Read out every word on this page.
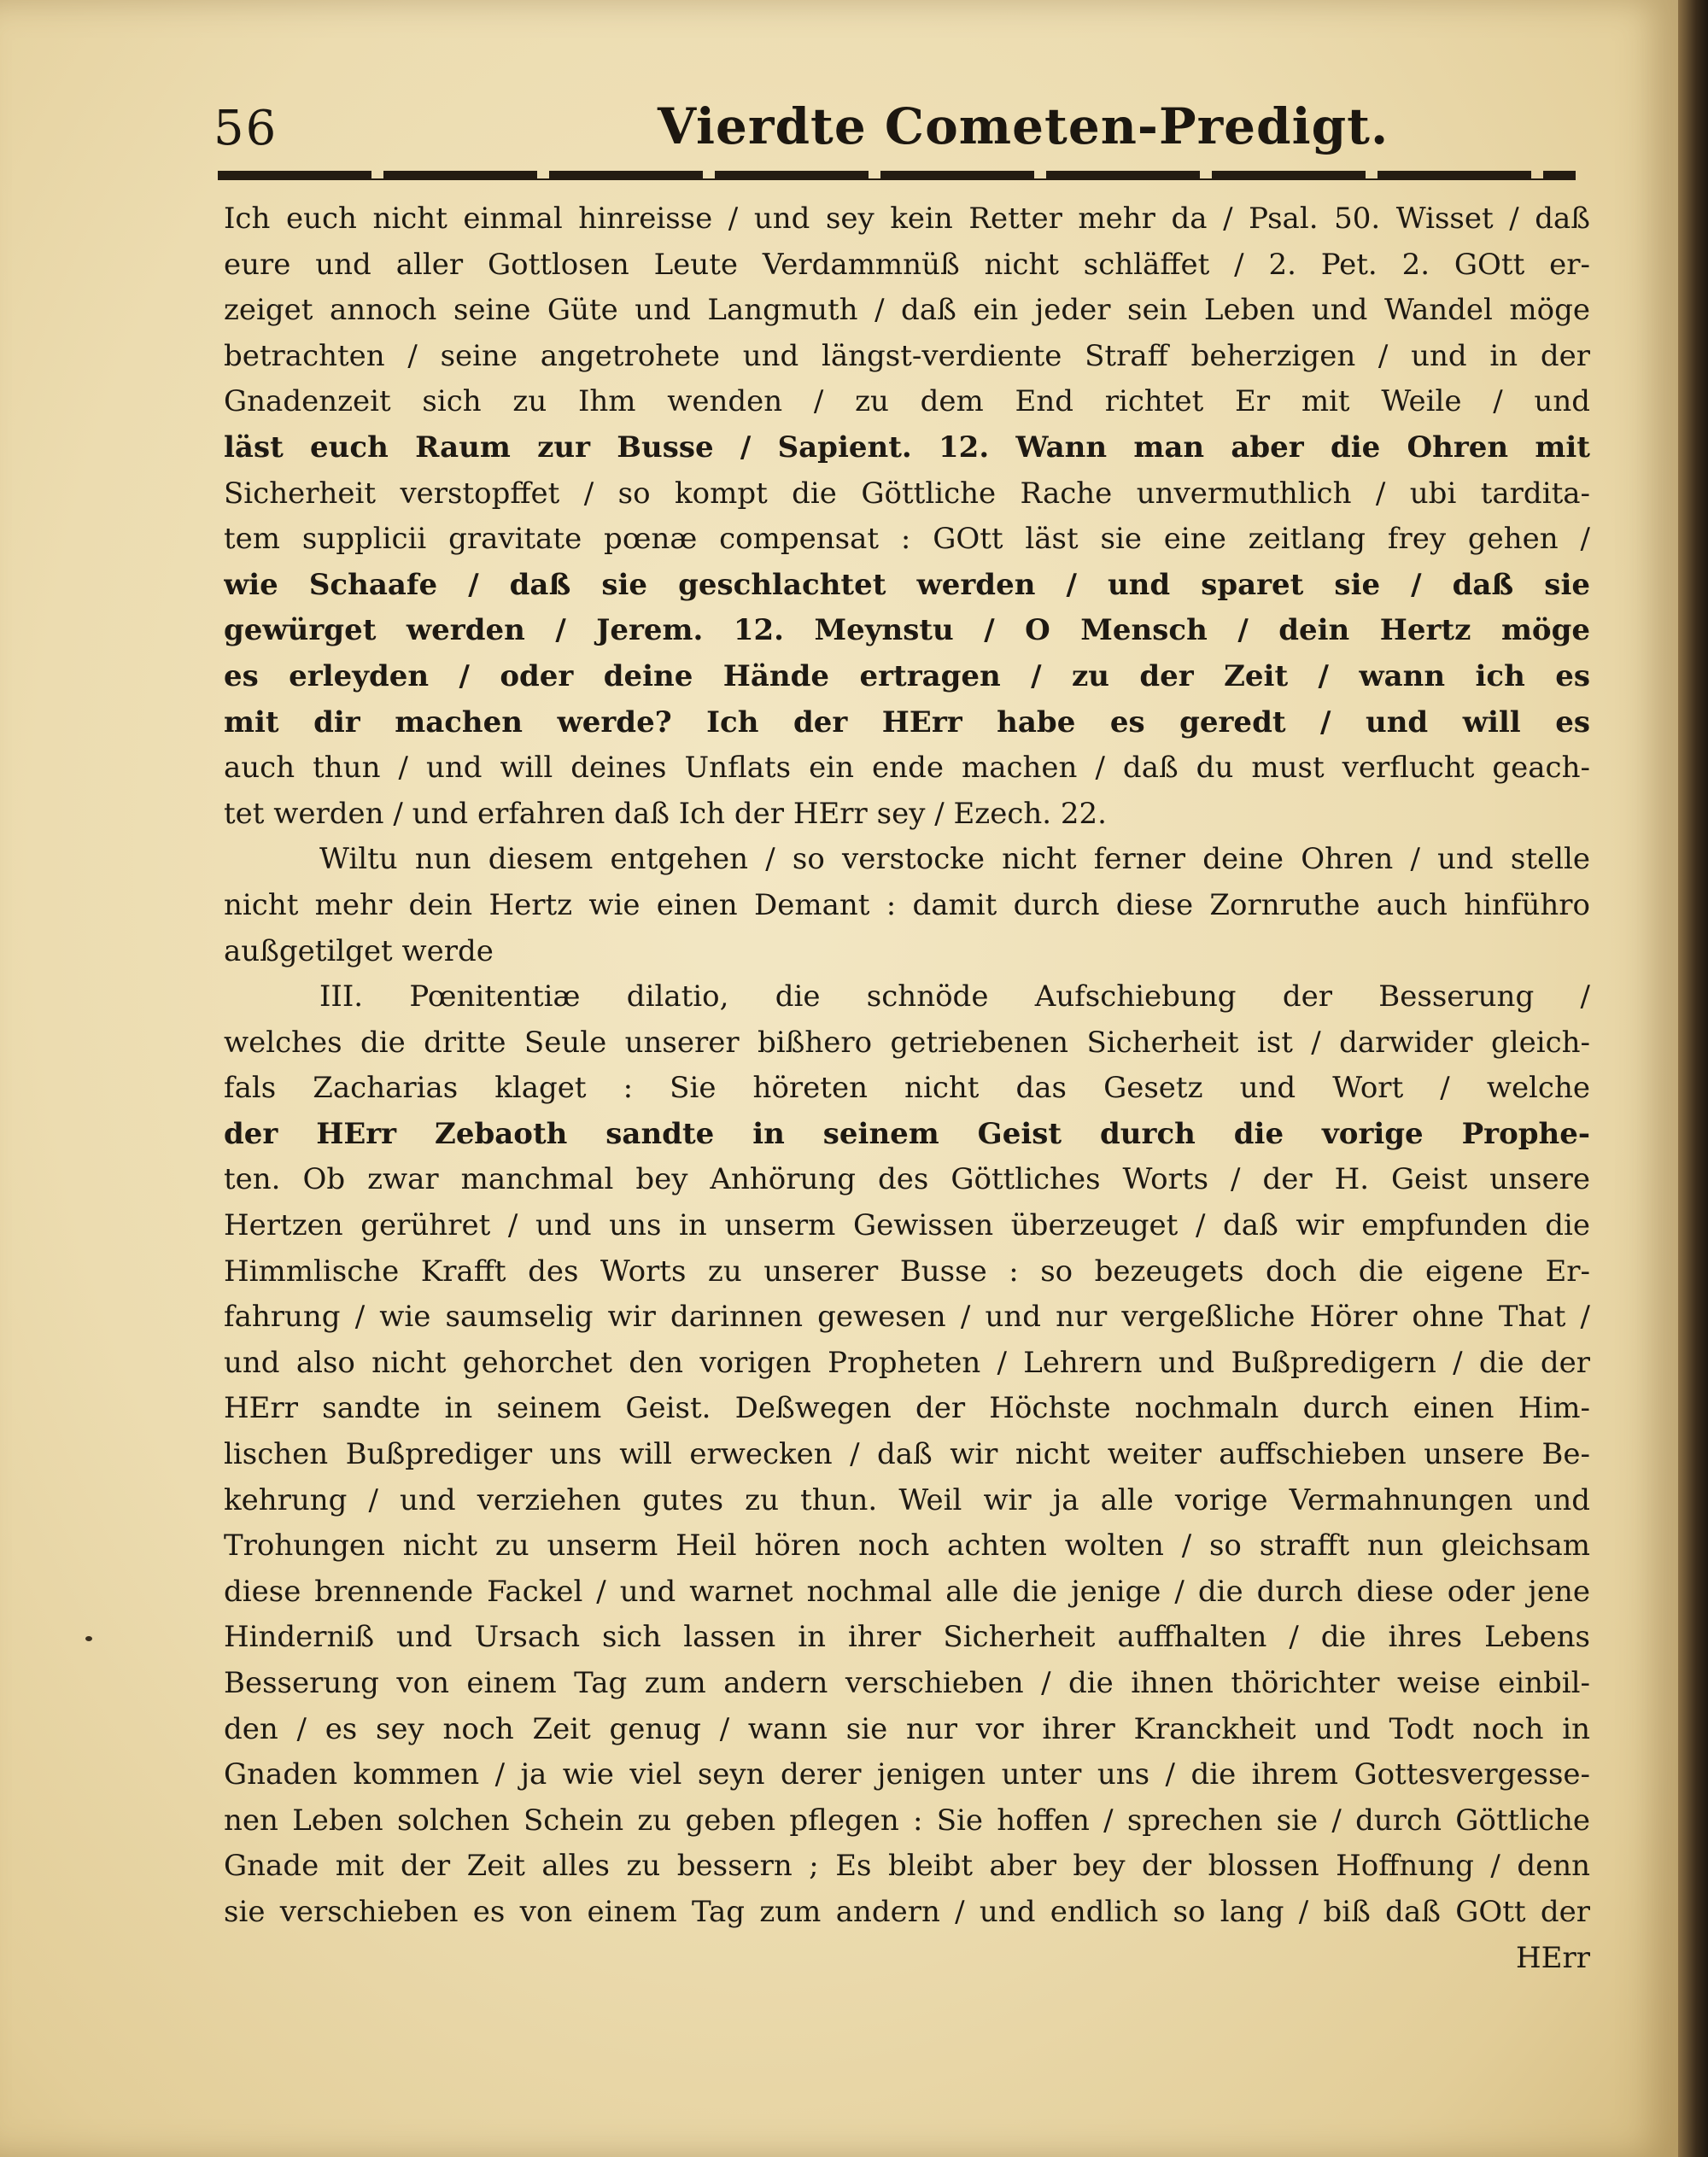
56	Vierdte Cometen-Predigt.
Ich euch nicht einmal hinreisse / und sey kein Retter mehr da / Psal. 50. Wisset / daß
eure und aller Gottlosen Leute Verdammnüß nicht schläffet / 2. Pet. 2. GOtt er-
zeiget annoch seine Güte und Langmuth / daß ein jeder sein Leben und Wandel möge
betrachten / seine angetrohete und längst-verdiente Straff beherzigen / und in der
Gnadenzeit sich zu Ihm wenden / zu dem End richtet Er mit Weile / und
läst euch Raum zur Busse / Sapient. 12. Wann man aber die Ohren mit
Sicherheit verstopffet / so kompt die Göttliche Rache unvermuthlich / ubi tardita-
tem supplicii gravitate pœnæ compensat : GOtt läst sie eine zeitlang frey gehen /
wie Schaafe / daß sie geschlachtet werden / und sparet sie / daß sie
gewürget werden / Jerem. 12. Meynstu / O Mensch / dein Hertz möge
es erleyden / oder deine Hände ertragen / zu der Zeit / wann ich es
mit dir machen werde? Ich der HErr habe es geredt / und will es
auch thun / und will deines Unflats ein ende machen / daß du must verflucht geach-
tet werden / und erfahren daß Ich der HErr sey / Ezech. 22.
Wiltu nun diesem entgehen / so verstocke nicht ferner deine Ohren / und stelle
nicht mehr dein Hertz wie einen Demant : damit durch diese Zornruthe auch hinführo
außgetilget werde
III. Pœnitentiæ dilatio, die schnöde Aufschiebung der Besserung /
welches die dritte Seule unserer bißhero getriebenen Sicherheit ist / darwider gleich-
fals Zacharias klaget : Sie höreten nicht das Gesetz und Wort / welche
der HErr Zebaoth sandte in seinem Geist durch die vorige Prophe-
ten. Ob zwar manchmal bey Anhörung des Göttliches Worts / der H. Geist unsere
Hertzen gerühret / und uns in unserm Gewissen überzeuget / daß wir empfunden die
Himmlische Krafft des Worts zu unserer Busse : so bezeugets doch die eigene Er-
fahrung / wie saumselig wir darinnen gewesen / und nur vergeßliche Hörer ohne That /
und also nicht gehorchet den vorigen Propheten / Lehrern und Bußpredigern / die der
HErr sandte in seinem Geist. Deßwegen der Höchste nochmaln durch einen Him-
lischen Bußprediger uns will erwecken / daß wir nicht weiter auffschieben unsere Be-
kehrung / und verziehen gutes zu thun. Weil wir ja alle vorige Vermahnungen und
Trohungen nicht zu unserm Heil hören noch achten wolten / so strafft nun gleichsam
diese brennende Fackel / und warnet nochmal alle die jenige / die durch diese oder jene
Hinderniß und Ursach sich lassen in ihrer Sicherheit auffhalten / die ihres Lebens
Besserung von einem Tag zum andern verschieben / die ihnen thörichter weise einbil-
den / es sey noch Zeit genug / wann sie nur vor ihrer Kranckheit und Todt noch in
Gnaden kommen / ja wie viel seyn derer jenigen unter uns / die ihrem Gottesvergesse-
nen Leben solchen Schein zu geben pflegen : Sie hoffen / sprechen sie / durch Göttliche
Gnade mit der Zeit alles zu bessern ; Es bleibt aber bey der blossen Hoffnung / denn
sie verschieben es von einem Tag zum andern / und endlich so lang / biß daß GOtt der
HErr
